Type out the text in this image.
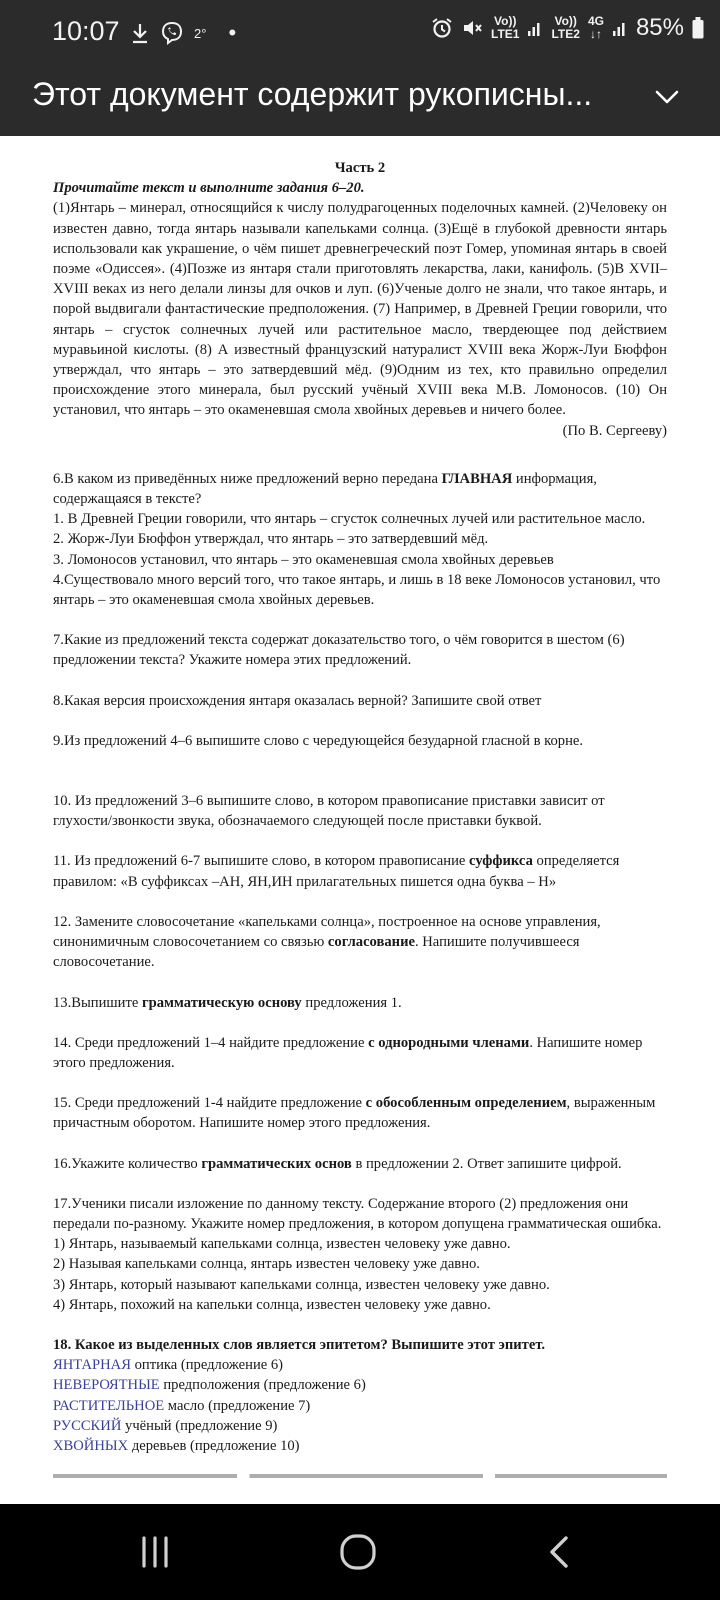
10:07	2° •	Vo))
LTE1
Vo))
LTE2
4G
↓↑ 85%
Этот документ содержит рукописны...

Часть 2

Прочитайте текст и выполните задания 6–20.

(1)Янтарь – минерал, относящийся к числу полудрагоценных поделочных камней. (2)Человеку он известен давно, тогда янтарь называли капельками солнца. (3)Ещё в глубокой древности янтарь использовали как украшение, о чём пишет древнегреческий поэт Гомер, упоминая янтарь в своей поэме «Одиссея». (4)Позже из янтаря стали приготовлять лекарства, лаки, канифоль. (5)В XVII–XVIII веках из него делали линзы для очков и луп. (6)Ученые долго не знали, что такое янтарь, и порой выдвигали фантастические предположения. (7) Например, в Древней Греции говорили, что янтарь – сгусток солнечных лучей или растительное масло, твердеющее под действием муравьиной кислоты. (8) А известный французский натуралист XVIII века Жорж-Луи Бюффон утверждал, что янтарь – это затвердевший мёд. (9)Одним из тех, кто правильно определил происхождение этого минерала, был русский учёный XVIII века М.В. Ломоносов. (10) Он установил, что янтарь – это окаменевшая смола хвойных деревьев и ничего более.

(По В. Сергееву)

6.В каком из приведённых ниже предложений верно передана ГЛАВНАЯ информация, содержащаяся в тексте?

1. В Древней Греции говорили, что янтарь – сгусток солнечных лучей или растительное масло.

2. Жорж-Луи Бюффон утверждал, что янтарь – это затвердевший мёд.

3. Ломоносов установил, что янтарь – это окаменевшая смола хвойных деревьев

4.Существовало много версий того, что такое янтарь, и лишь в 18 веке Ломоносов установил, что янтарь – это окаменевшая смола хвойных деревьев.

7.Какие из предложений текста содержат доказательство того, о чём говорится в шестом (6) предложении текста? Укажите номера этих предложений.

8.Какая версия происхождения янтаря оказалась верной? Запишите свой ответ

9.Из предложений 4–6 выпишите слово с чередующейся безударной гласной в корне.

10. Из предложений 3–6 выпишите слово, в котором правописание приставки зависит от глухости/звонкости звука, обозначаемого следующей после приставки буквой.

11. Из предложений 6-7 выпишите слово, в котором правописание суффикса определяется правилом: «В суффиксах –АН, ЯН,ИН прилагательных пишется одна буква – Н»

12. Замените словосочетание «капельками солнца», построенное на основе управления, синонимичным словосочетанием со связью согласование. Напишите получившееся словосочетание.

13.Выпишите грамматическую основу предложения 1.

14. Среди предложений 1–4 найдите предложение с однородными членами. Напишите номер этого предложения.

15. Среди предложений 1-4 найдите предложение с обособленным определением, выраженным причастным оборотом. Напишите номер этого предложения.

16.Укажите количество грамматических основ в предложении 2. Ответ запишите цифрой.

17.Ученики писали изложение по данному тексту. Содержание второго (2) предложения они передали по-разному. Укажите номер предложения, в котором допущена грамматическая ошибка.

1) Янтарь, называемый капельками солнца, известен человеку уже давно.

2) Называя капельками солнца, янтарь известен человеку уже давно.

3) Янтарь, который называют капельками солнца, известен человеку уже давно.

4) Янтарь, похожий на капельки солнца, известен человеку уже давно.

18. Какое из выделенных слов является эпитетом? Выпишите этот эпитет.

ЯНТАРНАЯ оптика (предложение 6)

НЕВЕРОЯТНЫЕ предположения (предложение 6)

РАСТИТЕЛЬНОЕ масло (предложение 7)

РУССКИЙ учёный (предложение 9)

ХВОЙНЫХ деревьев (предложение 10)
